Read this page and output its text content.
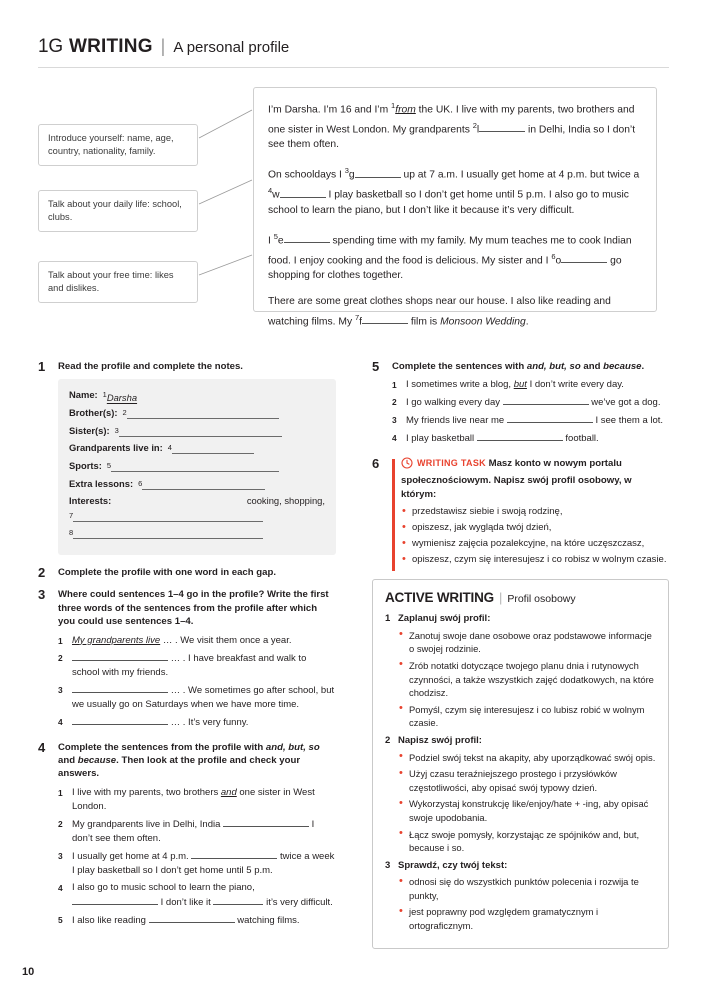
1G WRITING | A personal profile
Introduce yourself: name, age, country, nationality, family.
Talk about your daily life: school, clubs.
Talk about your free time: likes and dislikes.

I’m Darsha. I’m 16 and I’m $^1$from the UK. I live with my parents, two brothers and one sister in West London. My grandparents $^2$l	in Delhi, India so I don’t see them often.

On schooldays I $^3$g	up at 7 a.m. I usually get home at 4 p.m. but twice a $^4$w	I play basketball so I don’t get home until 5 p.m. I also go to music school to learn the piano, but I don’t like it because it’s very difficult.

I $^5$e	spending time with my family. My mum teaches me to cook Indian food. I enjoy cooking and the food is delicious. My sister and I $^6$o	go shopping for clothes together.

There are some great clothes shops near our house. I also like reading and watching films. My $^7$f	film is Monsoon Wedding.

1	Read the profile and complete the notes.
Name: $^1$Darsha
Brother(s): $^2$
Sister(s): $^3$
Grandparents live in: $^4$
Sports: $^5$
Extra lessons: $^6$
Interests:	cooking, shopping,
$^7$
$^8$
2	Complete the profile with one word in each gap.
3	Where could sentences 1–4 go in the profile? Write the first three words of the sentences from the profile after which you could use sentences 1–4.
1 My grandparents live … . We visit them once a year.
2	… . I have breakfast and walk to school with my friends.
3	… . We sometimes go after school, but we usually go on Saturdays when we have more time.
4	… . It’s very funny.
4	Complete the sentences from the profile with and, but, so and because. Then look at the profile and check your answers.
1 I live with my parents, two brothers and one sister in West London.
2 My grandparents live in Delhi, India	I don’t see them often.
3 I usually get home at 4 p.m.	twice a week I play basketball so I don’t get home until 5 p.m.
4 I also go to music school to learn the piano,  I don’t like it	it’s very difficult.
5 I also like reading	watching films.
5	Complete the sentences with and, but, so and because.
1 I sometimes write a blog, but I don’t write every day.
2 I go walking every day	we’ve got a dog.
3 My friends live near me	I see them a lot.
4 I play basketball	football.
6	WRITING TASK Masz konto w nowym portalu społecznościowym. Napisz swój profil osobowy, w którym:
• przedstawisz siebie i swoją rodzinę,
• opiszesz, jak wygląda twój dzień,
• wymienisz zajęcia pozalekcyjne, na które uczęszczasz,
• opiszesz, czym się interesujesz i co robisz w wolnym czasie.
ACTIVE WRITING | Profil osobowy
1 Zaplanuj swój profil:
• Zanotuj swoje dane osobowe oraz podstawowe informacje o swojej rodzinie.
• Zrób notatki dotyczące twojego planu dnia i rutynowych czynności, a także wszystkich zajęć dodatkowych, na które chodzisz.
• Pomyśl, czym się interesujesz i co lubisz robić w wolnym czasie.
2 Napisz swój profil:
• Podziel swój tekst na akapity, aby uporządkować swój opis.
• Użyj czasu teraźniejszego prostego i przysłówków częstotliwości, aby opisać swój typowy dzień.
• Wykorzystaj konstrukcję like/enjoy/hate + -ing, aby opisać swoje upodobania.
• Łącz swoje pomysły, korzystając ze spójników and, but, because i so.
3 Sprawdź, czy twój tekst:
• odnosi się do wszystkich punktów polecenia i rozwija te punkty,
• jest poprawny pod względem gramatycznym i ortograficznym.
10
